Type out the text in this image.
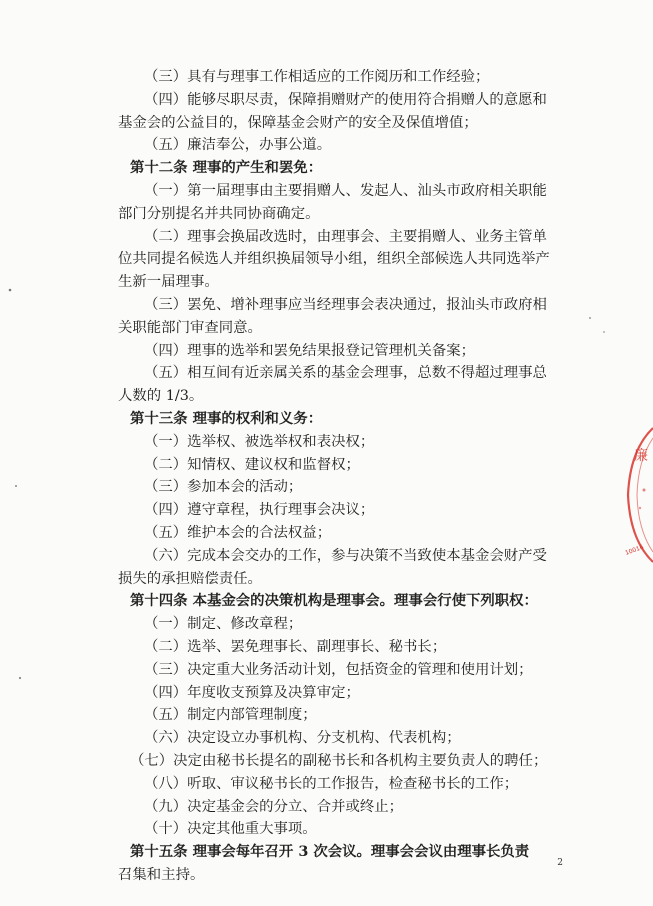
（三）具有与理事工作相适应的工作阅历和工作经验；

（四）能够尽职尽责，保障捐赠财产的使用符合捐赠人的意愿和

基金会的公益目的，保障基金会财产的安全及保值增值；

（五）廉洁奉公，办事公道。

第十二条 理事的产生和罢免：

（一）第一届理事由主要捐赠人、发起人、汕头市政府相关职能

部门分别提名并共同协商确定。

（二）理事会换届改选时，由理事会、主要捐赠人、业务主管单

位共同提名候选人并组织换届领导小组，组织全部候选人共同选举产

生新一届理事。

（三）罢免、增补理事应当经理事会表决通过，报汕头市政府相

关职能部门审查同意。

（四）理事的选举和罢免结果报登记管理机关备案；

（五）相互间有近亲属关系的基金会理事，总数不得超过理事总

人数的 1/3。

第十三条 理事的权利和义务：

（一）选举权、被选举权和表决权；

（二）知情权、建议权和监督权；

（三）参加本会的活动；

（四）遵守章程，执行理事会决议；

（五）维护本会的合法权益；

（六）完成本会交办的工作，参与决策不当致使本基金会财产受

损失的承担赔偿责任。

第十四条 本基金会的决策机构是理事会。理事会行使下列职权：

（一）制定、修改章程；

（二）选举、罢免理事长、副理事长、秘书长；

（三）决定重大业务活动计划，包括资金的管理和使用计划；

（四）年度收支预算及决算审定；

（五）制定内部管理制度；

（六）决定设立办事机构、分支机构、代表机构；

（七）决定由秘书长提名的副秘书长和各机构主要负责人的聘任；

（八）听取、审议秘书长的工作报告，检查秘书长的工作；

（九）决定基金会的分立、合并或终止；

（十）决定其他重大事项。

第十五条 理事会每年召开 3 次会议。理事会会议由理事长负责

召集和主持。

廉
10016
2
